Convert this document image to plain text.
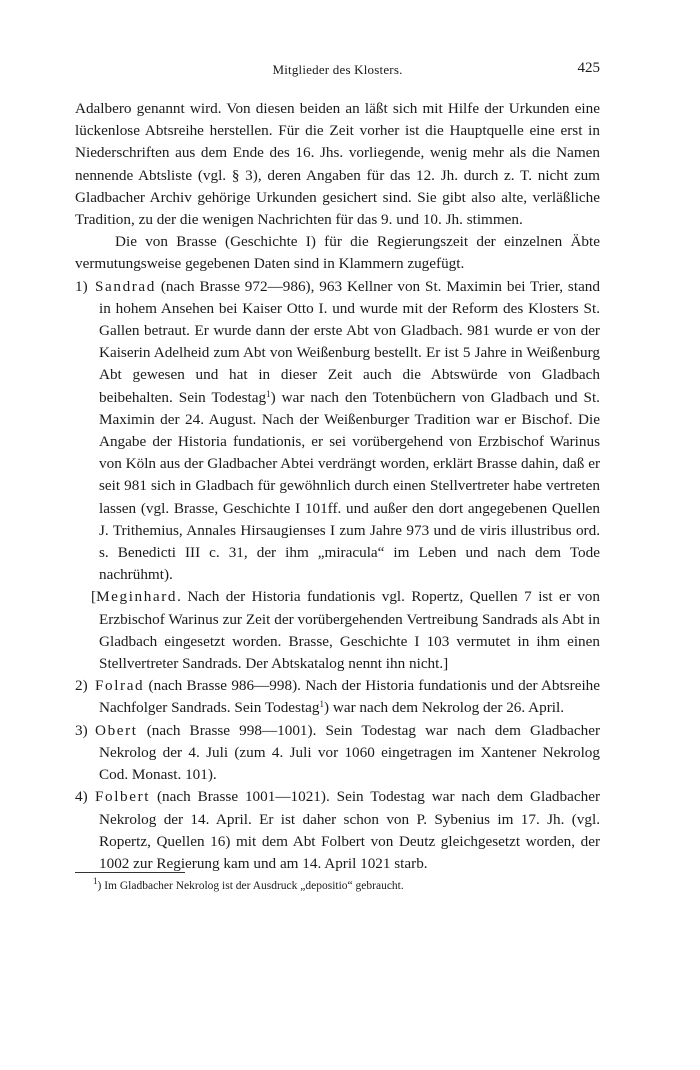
Mitglieder des Klosters.	425

Adalbero genannt wird. Von diesen beiden an läßt sich mit Hilfe der Urkunden eine lückenlose Abtsreihe herstellen. Für die Zeit vorher ist die Hauptquelle eine erst in Niederschriften aus dem Ende des 16. Jhs. vorliegende, wenig mehr als die Namen nennende Abtsliste (vgl. § 3), deren Angaben für das 12. Jh. durch z. T. nicht zum Gladbacher Archiv gehörige Urkunden gesichert sind. Sie gibt also alte, verläßliche Tradition, zu der die wenigen Nachrichten für das 9. und 10. Jh. stimmen.

Die von Brasse (Geschichte I) für die Regierungszeit der einzelnen Äbte vermutungsweise gegebenen Daten sind in Klammern zugefügt.

1) Sandrad (nach Brasse 972—986), 963 Kellner von St. Maximin bei Trier, stand in hohem Ansehen bei Kaiser Otto I. und wurde mit der Reform des Klosters St. Gallen betraut. Er wurde dann der erste Abt von Gladbach. 981 wurde er von der Kaiserin Adelheid zum Abt von Weißenburg bestellt. Er ist 5 Jahre in Weißenburg Abt gewesen und hat in dieser Zeit auch die Abtswürde von Gladbach beibehalten. Sein Todestag$^1$) war nach den Totenbüchern von Gladbach und St. Maximin der 24. August. Nach der Weißenburger Tradition war er Bischof. Die Angabe der Historia fundationis, er sei vorübergehend von Erzbischof Warinus von Köln aus der Gladbacher Abtei verdrängt worden, erklärt Brasse dahin, daß er seit 981 sich in Gladbach für gewöhnlich durch einen Stellvertreter habe vertreten lassen (vgl. Brasse, Geschichte I 101ff. und außer den dort angegebenen Quellen J. Trithemius, Annales Hirsaugienses I zum Jahre 973 und de viris illustribus ord. s. Benedicti III c. 31, der ihm „miracula“ im Leben und nach dem Tode nachrühmt).

[Meginhard. Nach der Historia fundationis vgl. Ropertz, Quellen 7 ist er von Erzbischof Warinus zur Zeit der vorübergehenden Vertreibung Sandrads als Abt in Gladbach eingesetzt worden. Brasse, Geschichte I 103 vermutet in ihm einen Stellvertreter Sandrads. Der Abtskatalog nennt ihn nicht.]

2) Folrad (nach Brasse 986—998). Nach der Historia fundationis und der Abtsreihe Nachfolger Sandrads. Sein Todestag$^1$) war nach dem Nekrolog der 26. April.

3) Obert (nach Brasse 998—1001). Sein Todestag war nach dem Gladbacher Nekrolog der 4. Juli (zum 4. Juli vor 1060 eingetragen im Xantener Nekrolog Cod. Monast. 101).

4) Folbert (nach Brasse 1001—1021). Sein Todestag war nach dem Gladbacher Nekrolog der 14. April. Er ist daher schon von P. Sybenius im 17. Jh. (vgl. Ropertz, Quellen 16) mit dem Abt Folbert von Deutz gleichgesetzt worden, der 1002 zur Regierung kam und am 14. April 1021 starb.

$^1$) Im Gladbacher Nekrolog ist der Ausdruck „depositio“ gebraucht.
